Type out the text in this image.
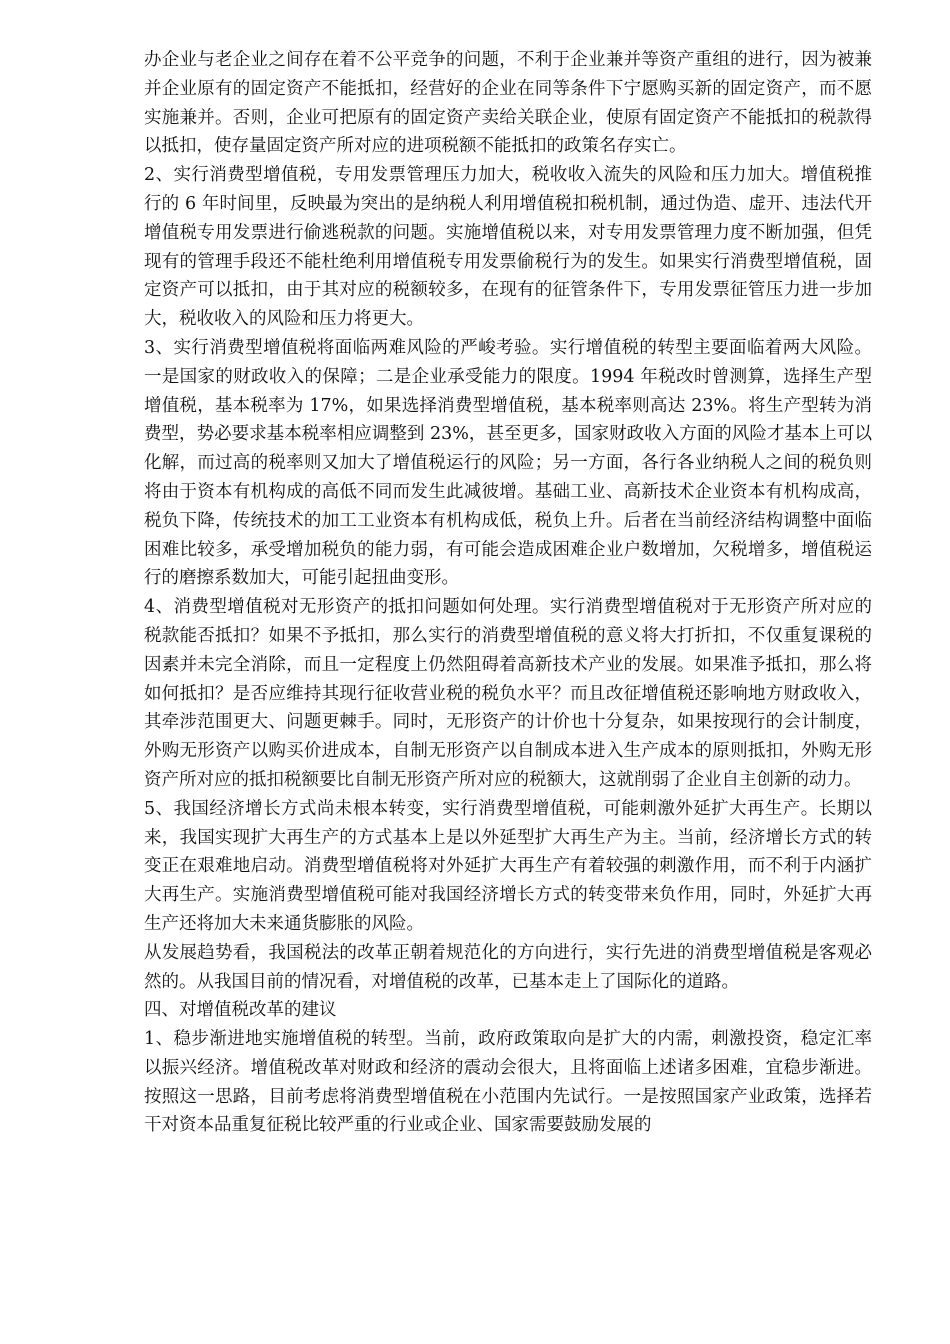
办企业与老企业之间存在着不公平竞争的问题，不利于企业兼并等资产重组的进行，因为被兼并企业原有的固定资产不能抵扣，经营好的企业在同等条件下宁愿购买新的固定资产，而不愿实施兼并。否则，企业可把原有的固定资产卖给关联企业，使原有固定资产不能抵扣的税款得以抵扣，使存量固定资产所对应的进项税额不能抵扣的政策名存实亡。

2、实行消费型增值税，专用发票管理压力加大，税收收入流失的风险和压力加大。增值税推行的 6 年时间里，反映最为突出的是纳税人利用增值税扣税机制，通过伪造、虚开、违法代开增值税专用发票进行偷逃税款的问题。实施增值税以来，对专用发票管理力度不断加强，但凭现有的管理手段还不能杜绝利用增值税专用发票偷税行为的发生。如果实行消费型增值税，固定资产可以抵扣，由于其对应的税额较多，在现有的征管条件下，专用发票征管压力进一步加大，税收收入的风险和压力将更大。

3、实行消费型增值税将面临两难风险的严峻考验。实行增值税的转型主要面临着两大风险。一是国家的财政收入的保障；二是企业承受能力的限度。1994 年税改时曾测算，选择生产型增值税，基本税率为 17%，如果选择消费型增值税，基本税率则高达 23%。将生产型转为消费型，势必要求基本税率相应调整到 23%，甚至更多，国家财政收入方面的风险才基本上可以化解，而过高的税率则又加大了增值税运行的风险；另一方面，各行各业纳税人之间的税负则将由于资本有机构成的高低不同而发生此减彼增。基础工业、高新技术企业资本有机构成高，税负下降，传统技术的加工工业资本有机构成低，税负上升。后者在当前经济结构调整中面临困难比较多，承受增加税负的能力弱，有可能会造成困难企业户数增加，欠税增多，增值税运行的磨擦系数加大，可能引起扭曲变形。

4、消费型增值税对无形资产的抵扣问题如何处理。实行消费型增值税对于无形资产所对应的税款能否抵扣？如果不予抵扣，那么实行的消费型增值税的意义将大打折扣，不仅重复课税的因素并未完全消除，而且一定程度上仍然阻碍着高新技术产业的发展。如果准予抵扣，那么将如何抵扣？是否应维持其现行征收营业税的税负水平？而且改征增值税还影响地方财政收入，其牵涉范围更大、问题更棘手。同时，无形资产的计价也十分复杂，如果按现行的会计制度，外购无形资产以购买价进成本，自制无形资产以自制成本进入生产成本的原则抵扣，外购无形资产所对应的抵扣税额要比自制无形资产所对应的税额大，这就削弱了企业自主创新的动力。

5、我国经济增长方式尚未根本转变，实行消费型增值税，可能刺激外延扩大再生产。长期以来，我国实现扩大再生产的方式基本上是以外延型扩大再生产为主。当前，经济增长方式的转变正在艰难地启动。消费型增值税将对外延扩大再生产有着较强的刺激作用，而不利于内涵扩大再生产。实施消费型增值税可能对我国经济增长方式的转变带来负作用，同时，外延扩大再生产还将加大未来通货膨胀的风险。

从发展趋势看，我国税法的改革正朝着规范化的方向进行，实行先进的消费型增值税是客观必然的。从我国目前的情况看，对增值税的改革，已基本走上了国际化的道路。

四、对增值税改革的建议

1、稳步渐进地实施增值税的转型。当前，政府政策取向是扩大的内需，刺激投资，稳定汇率以振兴经济。增值税改革对财政和经济的震动会很大，且将面临上述诸多困难，宜稳步渐进。按照这一思路，目前考虑将消费型增值税在小范围内先试行。一是按照国家产业政策，选择若干对资本品重复征税比较严重的行业或企业、国家需要鼓励发展的
